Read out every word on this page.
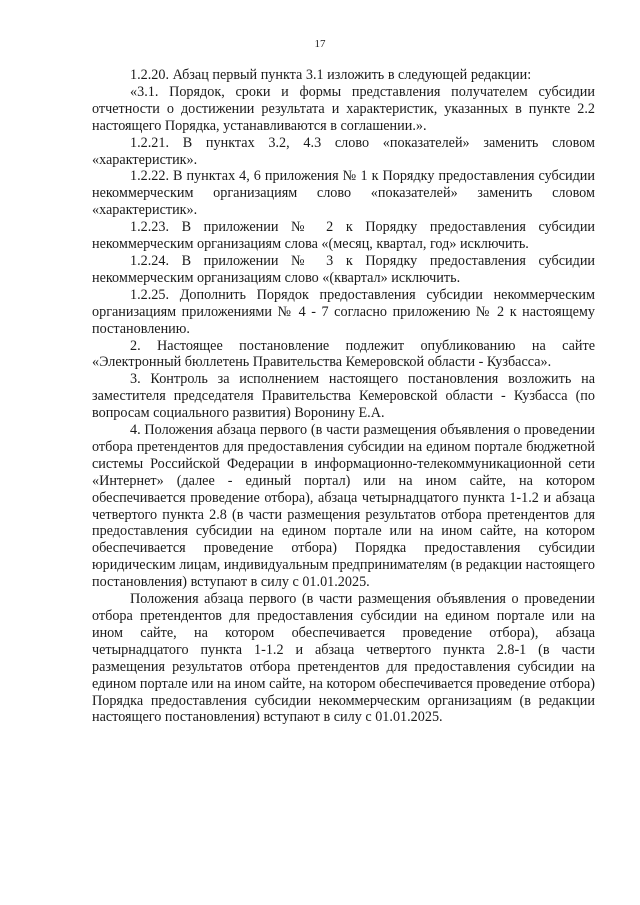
17

1.2.20. Абзац первый пункта 3.1 изложить в следующей редакции:

«3.1. Порядок, сроки и формы представления получателем субсидии отчетности о достижении результата и характеристик, указанных в пункте 2.2 настоящего Порядка, устанавливаются в соглашении.».

1.2.21. В пунктах 3.2, 4.3 слово «показателей» заменить словом «характеристик».

1.2.22. В пунктах 4, 6 приложения № 1 к Порядку предоставления субсидии некоммерческим организациям слово «показателей» заменить словом «характеристик».

1.2.23. В приложении № 2 к Порядку предоставления субсидии некоммерческим организациям слова «(месяц, квартал, год» исключить.

1.2.24. В приложении № 3 к Порядку предоставления субсидии некоммерческим организациям слово «(квартал» исключить.

1.2.25. Дополнить Порядок предоставления субсидии некоммерческим организациям приложениями № 4 - 7 согласно приложению № 2 к настоящему постановлению.

2. Настоящее постановление подлежит опубликованию на сайте «Электронный бюллетень Правительства Кемеровской области - Кузбасса».

3. Контроль за исполнением настоящего постановления возложить на заместителя председателя Правительства Кемеровской области - Кузбасса (по вопросам социального развития) Воронину Е.А.

4. Положения абзаца первого (в части размещения объявления о проведении отбора претендентов для предоставления субсидии на едином портале бюджетной системы Российской Федерации в информационно-телекоммуникационной сети «Интернет» (далее - единый портал) или на ином сайте, на котором обеспечивается проведение отбора), абзаца четырнадцатого пункта 1-1.2 и абзаца четвертого пункта 2.8 (в части размещения результатов отбора претендентов для предоставления субсидии на едином портале или на ином сайте, на котором обеспечивается проведение отбора) Порядка предоставления субсидии юридическим лицам, индивидуальным предпринимателям (в редакции настоящего постановления) вступают в силу с 01.01.2025.

Положения абзаца первого (в части размещения объявления о проведении отбора претендентов для предоставления субсидии на едином портале или на ином сайте, на котором обеспечивается проведение отбора), абзаца четырнадцатого пункта 1-1.2 и абзаца четвертого пункта 2.8-1 (в части размещения результатов отбора претендентов для предоставления субсидии на едином портале или на ином сайте, на котором обеспечивается проведение отбора) Порядка предоставления субсидии некоммерческим организациям (в редакции настоящего постановления) вступают в силу с 01.01.2025.
